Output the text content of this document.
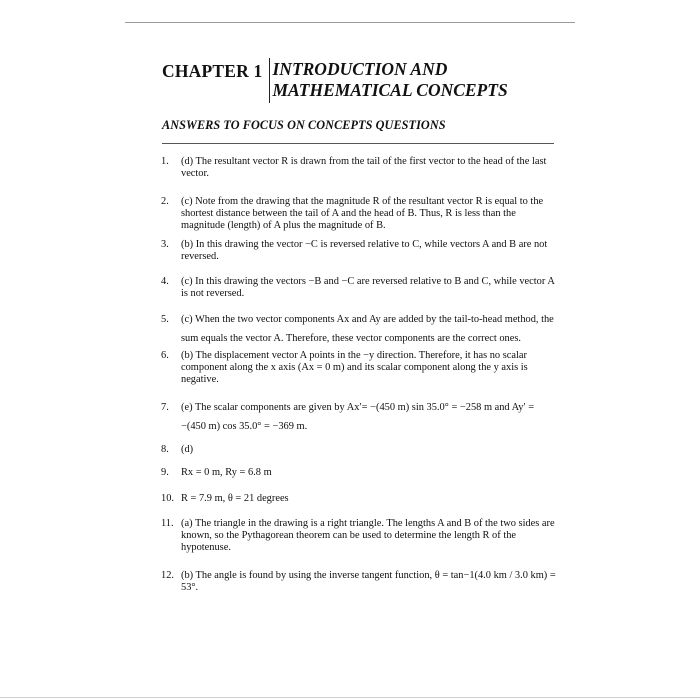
CHAPTER 1 INTRODUCTION AND
MATHEMATICAL CONCEPTS
ANSWERS TO FOCUS ON CONCEPTS QUESTIONS
1.	(d) The resultant vector R is drawn from the tail of the first vector to the head of the last vector.
2.	(c) Note from the drawing that the magnitude R of the resultant vector R is equal to the shortest distance between the tail of A and the head of B. Thus, R is less than the magnitude (length) of A plus the magnitude of B.
3.	(b) In this drawing the vector −C is reversed relative to C, while vectors A and B are not reversed.
4.	(c) In this drawing the vectors −B and −C are reversed relative to B and C, while vector A is not reversed.
5.	(c) When the two vector components Ax and Ay are added by the tail-to-head method, the sum equals the vector A. Therefore, these vector components are the correct ones.
6.	(b) The displacement vector A points in the −y direction. Therefore, it has no scalar component along the x axis (Ax = 0 m) and its scalar component along the y axis is negative.
7.	(e) The scalar components are given by Ax′= −(450 m) sin 35.0° = −258 m and Ay′ = −(450 m) cos 35.0° = −369 m.
8.	(d)
9.	Rx = 0 m, Ry = 6.8 m
10. R = 7.9 m, θ = 21 degrees
11. (a) The triangle in the drawing is a right triangle. The lengths A and B of the two sides are known, so the Pythagorean theorem can be used to determine the length R of the hypotenuse.
12. (b) The angle is found by using the inverse tangent function, θ = tan−1(4.0 km / 3.0 km) = 53°.
